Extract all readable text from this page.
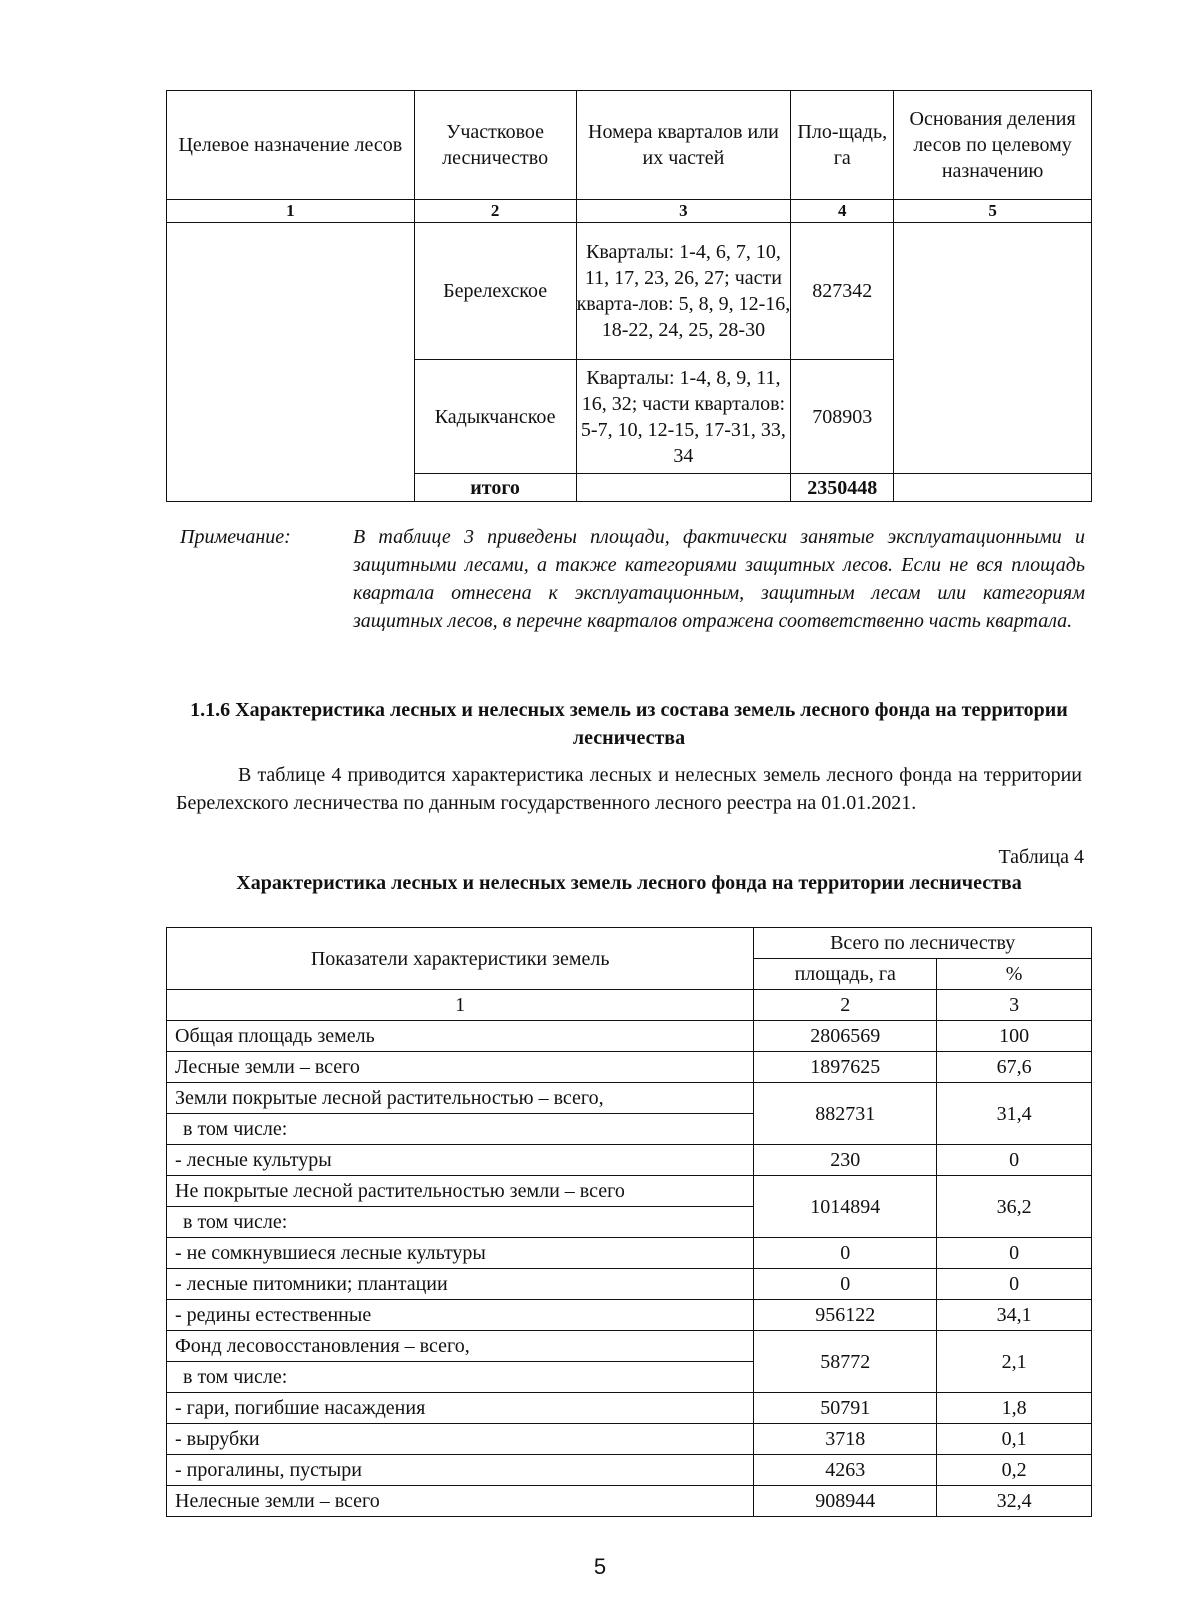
Целевое назначение лесов	Участковое лесничество	Номера кварталов или их частей	Пло-щадь, га	Основания деления лесов по целевому назначению
1	2	3	4	5
	Берелехское	Кварталы: 1-4, 6, 7, 10, 11, 17, 23, 26, 27; части кварта-лов: 5, 8, 9, 12-16, 18-22, 24, 25, 28-30	827342	
	Кадыкчанское	Кварталы: 1-4, 8, 9, 11, 16, 32; части кварталов: 5-7, 10, 12-15, 17-31, 33, 34	708903	
	итого		2350448	
Примечание:	В таблице 3 приведены площади, фактически занятые эксплуатационными и защитными лесами, а также категориями защитных лесов. Если не вся площадь квартала отнесена к эксплуатационным, защитным лесам или категориям защитных лесов, в перечне кварталов отражена соответственно часть квартала.
1.1.6 Характеристика лесных и нелесных земель из состава земель лесного фонда на территории лесничества
В таблице 4 приводится характеристика лесных и нелесных земель лесного фонда на территории Берелехского лесничества по данным государственного лесного реестра на 01.01.2021.
Таблица 4
Характеристика лесных и нелесных земель лесного фонда на территории лесничества
Показатели характеристики земель	Всего по лесничеству	
	площадь, га	%
1	2	3
Общая площадь земель	2806569	100
Лесные земли – всего	1897625	67,6
Земли покрытые лесной растительностью – всего,	882731	31,4
в том числе:		
- лесные культуры	230	0
Не покрытые лесной растительностью земли – всего	1014894	36,2
в том числе:		
- не сомкнувшиеся лесные культуры	0	0
- лесные питомники; плантации	0	0
- редины естественные	956122	34,1
Фонд лесовосстановления – всего,	58772	2,1
в том числе:		
- гари, погибшие насаждения	50791	1,8
- вырубки	3718	0,1
- прогалины, пустыри	4263	0,2
Нелесные земли – всего	908944	32,4
5
